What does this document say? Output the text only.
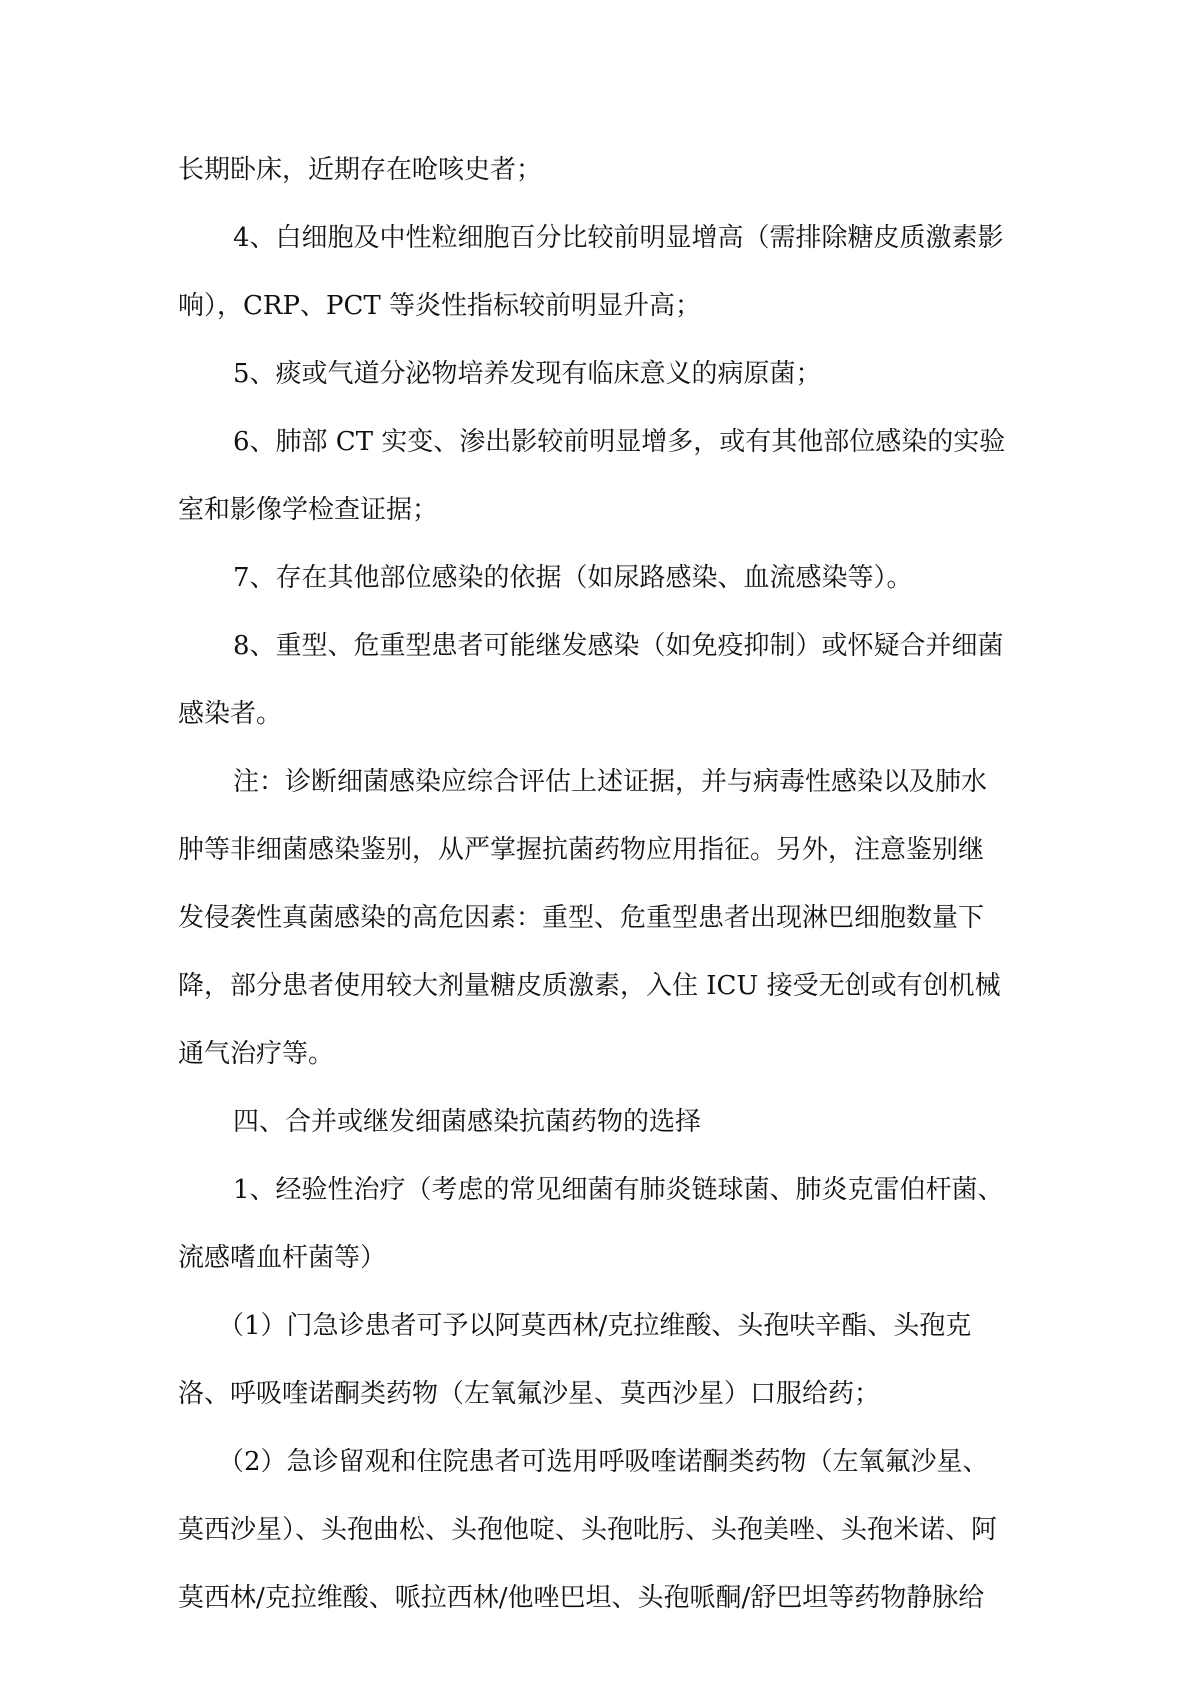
长期卧床，近期存在呛咳史者；
4、白细胞及中性粒细胞百分比较前明显增高（需排除糖皮质激素影
响），CRP、PCT 等炎性指标较前明显升高；
5、痰或气道分泌物培养发现有临床意义的病原菌；
6、肺部 CT 实变、渗出影较前明显增多，或有其他部位感染的实验
室和影像学检查证据；
7、存在其他部位感染的依据（如尿路感染、血流感染等）。
8、重型、危重型患者可能继发感染（如免疫抑制）或怀疑合并细菌
感染者。
注：诊断细菌感染应综合评估上述证据，并与病毒性感染以及肺水
肿等非细菌感染鉴别，从严掌握抗菌药物应用指征。另外，注意鉴别继
发侵袭性真菌感染的高危因素：重型、危重型患者出现淋巴细胞数量下
降，部分患者使用较大剂量糖皮质激素，入住 ICU 接受无创或有创机械
通气治疗等。
四、合并或继发细菌感染抗菌药物的选择
1、经验性治疗（考虑的常见细菌有肺炎链球菌、肺炎克雷伯杆菌、
流感嗜血杆菌等）
（1）门急诊患者可予以阿莫西林/克拉维酸、头孢呋辛酯、头孢克
洛、呼吸喹诺酮类药物（左氧氟沙星、莫西沙星）口服给药；
（2）急诊留观和住院患者可选用呼吸喹诺酮类药物（左氧氟沙星、
莫西沙星）、头孢曲松、头孢他啶、头孢吡肟、头孢美唑、头孢米诺、阿
莫西林/克拉维酸、哌拉西林/他唑巴坦、头孢哌酮/舒巴坦等药物静脉给
